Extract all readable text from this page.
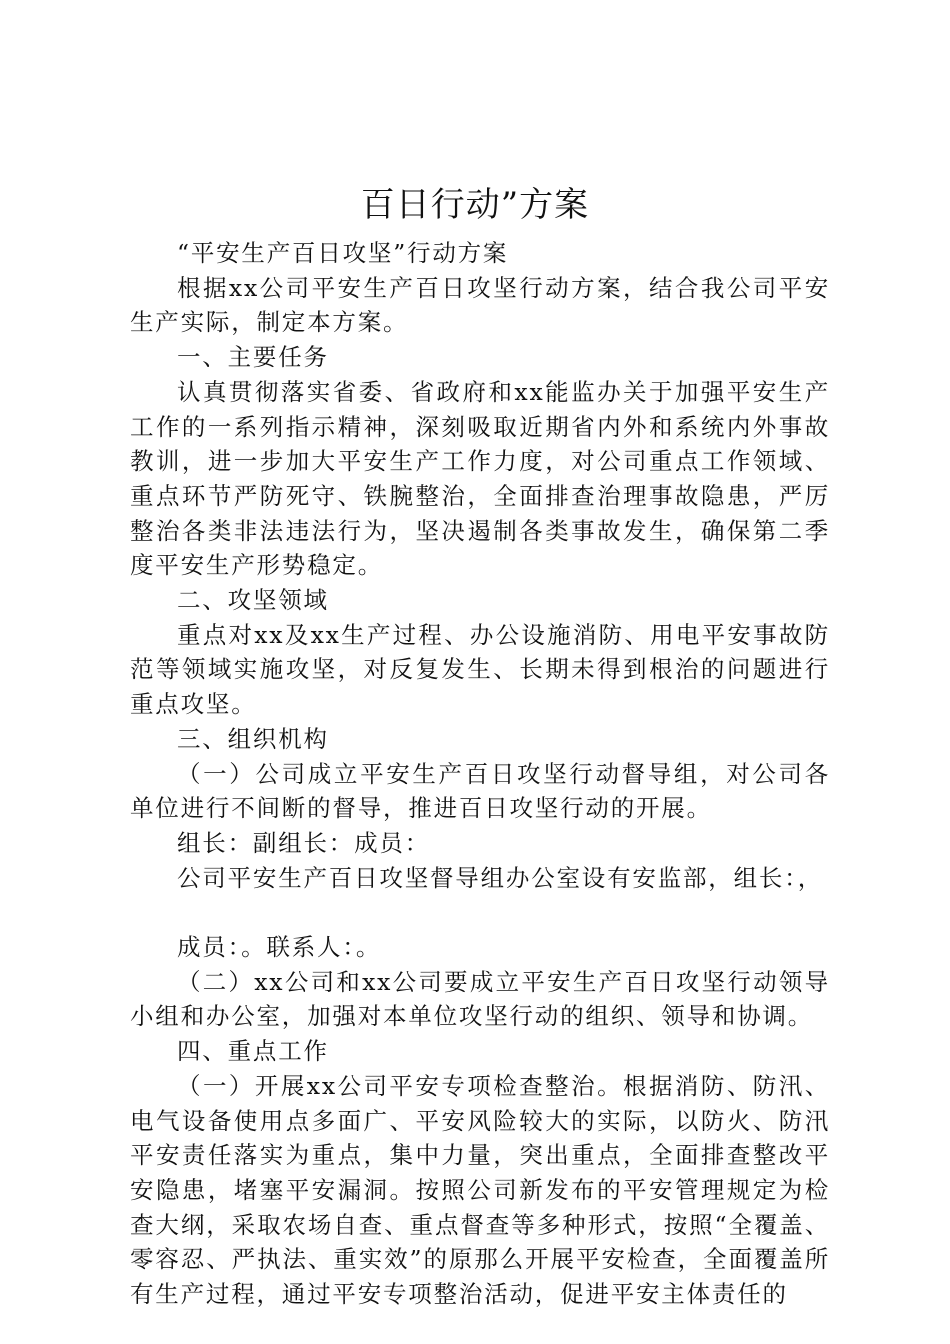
百日行动”方案

“平安生产百日攻坚”行动方案

根据xx公司平安生产百日攻坚行动方案，结合我公司平安生产实际，制定本方案。

一、主要任务

认真贯彻落实省委、省政府和xx能监办关于加强平安生产工作的一系列指示精神，深刻吸取近期省内外和系统内外事故教训，进一步加大平安生产工作力度，对公司重点工作领域、重点环节严防死守、铁腕整治，全面排查治理事故隐患，严厉整治各类非法违法行为，坚决遏制各类事故发生，确保第二季度平安生产形势稳定。

二、攻坚领域

重点对xx及xx生产过程、办公设施消防、用电平安事故防范等领域实施攻坚，对反复发生、长期未得到根治的问题进行重点攻坚。

三、组织机构

（一）公司成立平安生产百日攻坚行动督导组，对公司各单位进行不间断的督导，推进百日攻坚行动的开展。

组长：副组长：成员：

公司平安生产百日攻坚督导组办公室设有安监部，组长：，

成员：。联系人：。

（二）xx公司和xx公司要成立平安生产百日攻坚行动领导小组和办公室，加强对本单位攻坚行动的组织、领导和协调。

四、重点工作

（一）开展xx公司平安专项检查整治。根据消防、防汛、电气设备使用点多面广、平安风险较大的实际，以防火、防汛平安责任落实为重点，集中力量，突出重点，全面排查整改平安隐患，堵塞平安漏洞。按照公司新发布的平安管理规定为检查大纲，采取农场自查、重点督查等多种形式，按照“全覆盖、零容忍、严执法、重实效”的原那么开展平安检查，全面覆盖所有生产过程，通过平安专项整治活动，促进平安主体责任的
